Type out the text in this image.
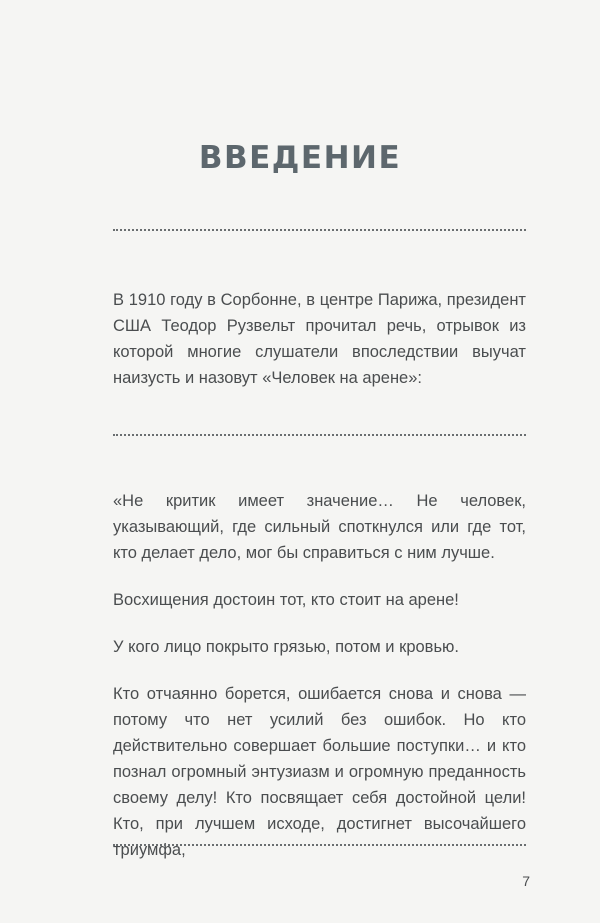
ВВЕДЕНИЕ

В 1910 году в Сорбонне, в центре Парижа, президент США Теодор Рузвельт прочитал речь, отрывок из которой многие слушатели впоследствии выучат наизусть и назовут «Человек на арене»:

«Не критик имеет значение… Не человек, указывающий, где сильный споткнулся или где тот, кто делает дело, мог бы справиться с ним лучше.

Восхищения достоин тот, кто стоит на арене!

У кого лицо покрыто грязью, потом и кровью.

Кто отчаянно борется, ошибается снова и снова — потому что нет усилий без ошибок. Но кто действительно совершает большие поступки… и кто познал огромный энтузиазм и огромную преданность своему делу! Кто посвящает себя достойной цели! Кто, при лучшем исходе, достигнет высочайшего триумфа,

7
